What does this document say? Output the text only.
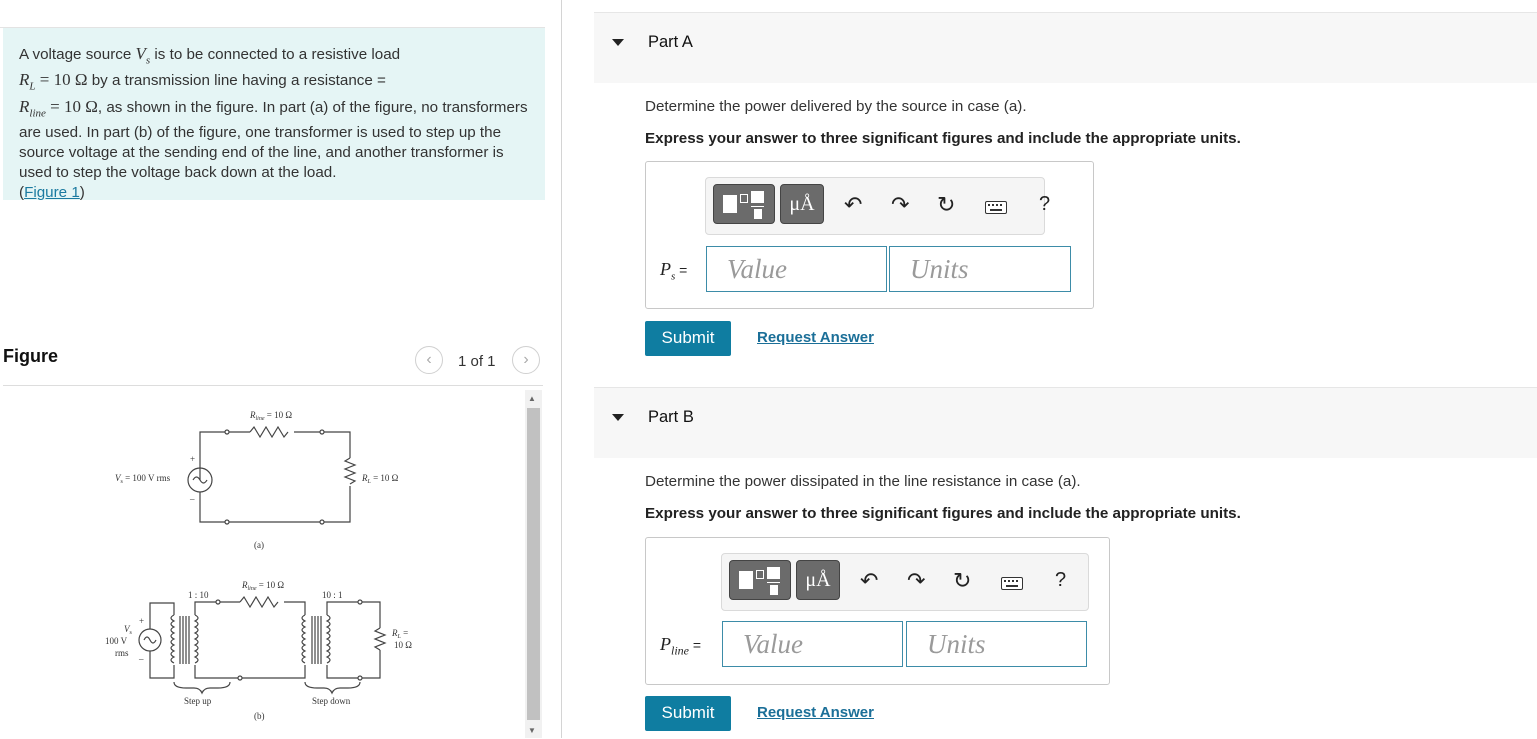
A voltage source $V_s$ is to be connected to a resistive load
$R_L = 10$ Ω by a transmission line having a resistance =
$R_{line} = 10$ Ω, as shown in the figure. In part (a) of the figure, no transformers are used. In part (b) of the figure, one transformer is used to step up the source voltage at the sending end of the line, and another transformer is used to step the voltage back down at the load.
(Figure 1)
Figure	‹	1 of 1	›
$R_{line} = 10$ Ω
$V_s = 100$ V rms	$R_L = 10$ Ω
+
–
(a)
1 : 10
$R_{line} = 10$ Ω
10 : 1
$V_s$
100 V
rms
+
–
$R_L$ =
10 Ω
Step up	Step down
(b)
▲
▼
Part A
Determine the power delivered by the source in case (a).
Express your answer to three significant figures and include the appropriate units.
μÅ	↶ ↷ ↻	?
$P_s$ =	Value	Units
Submit	Request Answer
Part B
Determine the power dissipated in the line resistance in case (a).
Express your answer to three significant figures and include the appropriate units.
μÅ	↶ ↷ ↻	?
$P_{line}$ =	Value	Units
Submit	Request Answer
